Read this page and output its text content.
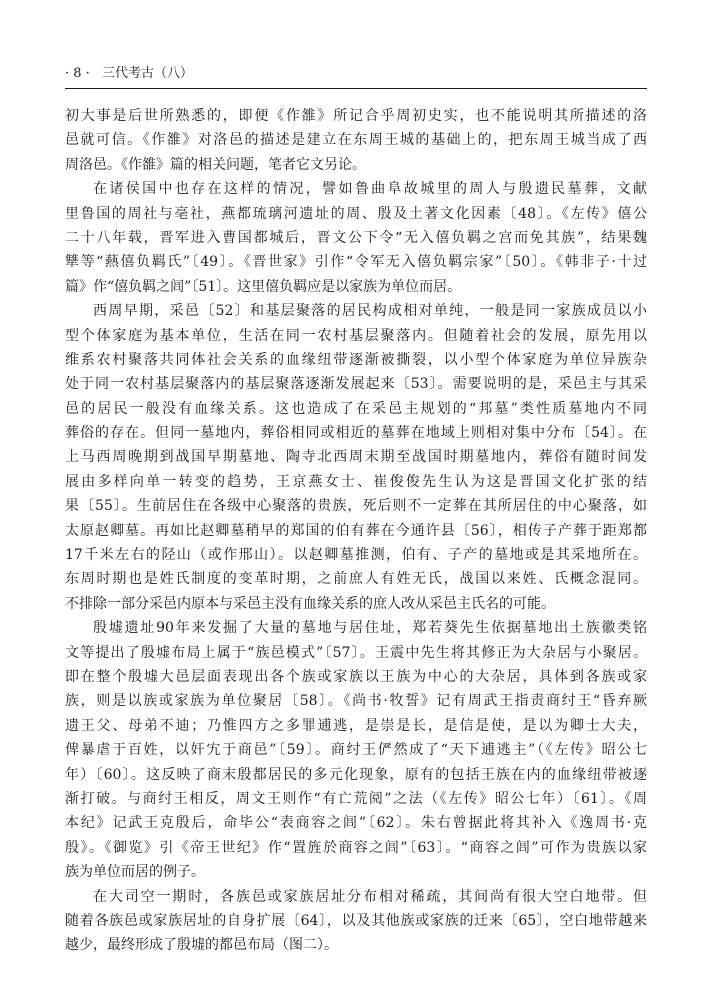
· 8 · 三代考古（八）
初大事是后世所熟悉的，即便《作雒》所记合乎周初史实，也不能说明其所描述的洛
邑就可信。《作雒》对洛邑的描述是建立在东周王城的基础上的，把东周王城当成了西
周洛邑。《作雒》篇的相关问题，笔者它文另论。
在诸侯国中也存在这样的情况，譬如鲁曲阜故城里的周人与殷遗民墓葬，文献
里鲁国的周社与亳社，燕都琉璃河遗址的周、殷及土著文化因素〔48〕。《左传》僖公
二十八年载，晋军进入曹国都城后，晋文公下令“无入僖负羁之宫而免其族”，结果魏
犨等“爇僖负羁氏”〔49〕。《晋世家》引作“令军无入僖负羁宗家”〔50〕。《韩非子·十过
篇》作“僖负羁之闾”〔51〕。这里僖负羁应是以家族为单位而居。
西周早期，采邑〔52〕和基层聚落的居民构成相对单纯，一般是同一家族成员以小
型个体家庭为基本单位，生活在同一农村基层聚落内。但随着社会的发展，原先用以
维系农村聚落共同体社会关系的血缘纽带逐渐被撕裂，以小型个体家庭为单位异族杂
处于同一农村基层聚落内的基层聚落逐渐发展起来〔53〕。需要说明的是，采邑主与其采
邑的居民一般没有血缘关系。这也造成了在采邑主规划的“邦墓”类性质墓地内不同
葬俗的存在。但同一墓地内，葬俗相同或相近的墓葬在地域上则相对集中分布〔54〕。在
上马西周晚期到战国早期墓地、陶寺北西周末期至战国时期墓地内，葬俗有随时间发
展由多样向单一转变的趋势，王京燕女士、崔俊俊先生认为这是晋国文化扩张的结
果〔55〕。生前居住在各级中心聚落的贵族，死后则不一定葬在其所居住的中心聚落，如
太原赵卿墓。再如比赵卿墓稍早的郑国的伯有葬在今通许县〔56〕，相传子产葬于距郑都
17千米左右的陉山（或作邢山）。以赵卿墓推测，伯有、子产的墓地或是其采地所在。
东周时期也是姓氏制度的变革时期，之前庶人有姓无氏，战国以来姓、氏概念混同。
不排除一部分采邑内原本与采邑主没有血缘关系的庶人改从采邑主氏名的可能。
殷墟遗址90年来发掘了大量的墓地与居住址，郑若葵先生依据墓地出土族徽类铭
文等提出了殷墟布局上属于“族邑模式”〔57〕。王震中先生将其修正为大杂居与小聚居。
即在整个殷墟大邑层面表现出各个族或家族以王族为中心的大杂居，具体到各族或家
族，则是以族或家族为单位聚居〔58〕。《尚书·牧誓》记有周武王指责商纣王“昏弃厥
遗王父、母弟不迪；乃惟四方之多罪逋逃，是崇是长，是信是使，是以为卿士大夫，
俾暴虐于百姓，以奸宄于商邑”〔59〕。商纣王俨然成了“天下逋逃主”（《左传》昭公七
年）〔60〕。这反映了商末殷都居民的多元化现象，原有的包括王族在内的血缘纽带被逐
渐打破。与商纣王相反，周文王则作“有亡荒阅”之法（《左传》昭公七年）〔61〕。《周
本纪》记武王克殷后，命毕公“表商容之闾”〔62〕。朱右曾据此将其补入《逸周书·克
殷》。《御览》引《帝王世纪》作“置旌於商容之闾”〔63〕。“商容之闾”可作为贵族以家
族为单位而居的例子。
在大司空一期时，各族邑或家族居址分布相对稀疏，其间尚有很大空白地带。但
随着各族邑或家族居址的自身扩展〔64〕，以及其他族或家族的迁来〔65〕，空白地带越来
越少，最终形成了殷墟的都邑布局（图二）。
